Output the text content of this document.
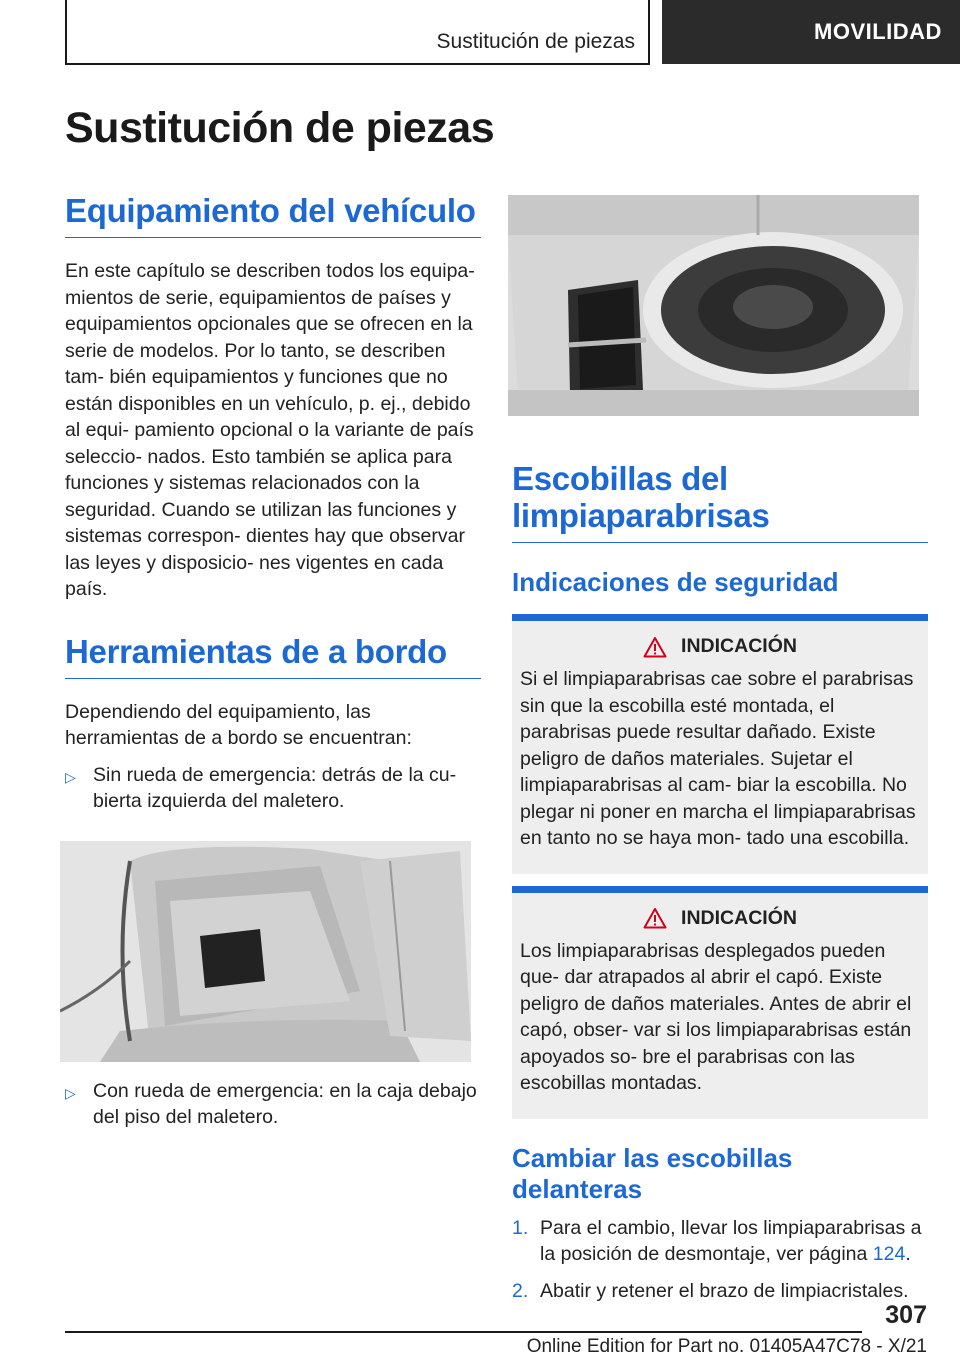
Sustitución de piezas	MOVILIDAD
Sustitución de piezas
Equipamiento del vehículo

En este capítulo se describen todos los equipa‐ mientos de serie, equipamientos de países y equipamientos opcionales que se ofrecen en la serie de modelos. Por lo tanto, se describen tam‐ bién equipamientos y funciones que no están disponibles en un vehículo, p. ej., debido al equi‐ pamiento opcional o la variante de país seleccio‐ nados. Esto también se aplica para funciones y sistemas relacionados con la seguridad. Cuando se utilizan las funciones y sistemas correspon‐ dientes hay que observar las leyes y disposicio‐ nes vigentes en cada país.

Herramientas de a bordo

Dependiendo del equipamiento, las herramientas de a bordo se encuentran:

▷ Sin rueda de emergencia: detrás de la cu‐ bierta izquierda del maletero.
▷ Con rueda de emergencia: en la caja debajo del piso del maletero.
Escobillas del limpiaparabrisas
Indicaciones de seguridad
INDICACIÓN

Si el limpiaparabrisas cae sobre el parabrisas sin que la escobilla esté montada, el parabrisas puede resultar dañado. Existe peligro de daños materiales. Sujetar el limpiaparabrisas al cam‐ biar la escobilla. No plegar ni poner en marcha el limpiaparabrisas en tanto no se haya mon‐ tado una escobilla.

INDICACIÓN

Los limpiaparabrisas desplegados pueden que‐ dar atrapados al abrir el capó. Existe peligro de daños materiales. Antes de abrir el capó, obser‐ var si los limpiaparabrisas están apoyados so‐ bre el parabrisas con las escobillas montadas.

Cambiar las escobillas delanteras
1. Para el cambio, llevar los limpiaparabrisas a la posición de desmontaje, ver página 124.
2. Abatir y retener el brazo de limpiacristales.
307
Online Edition for Part no. 01405A47C78 - X/21
